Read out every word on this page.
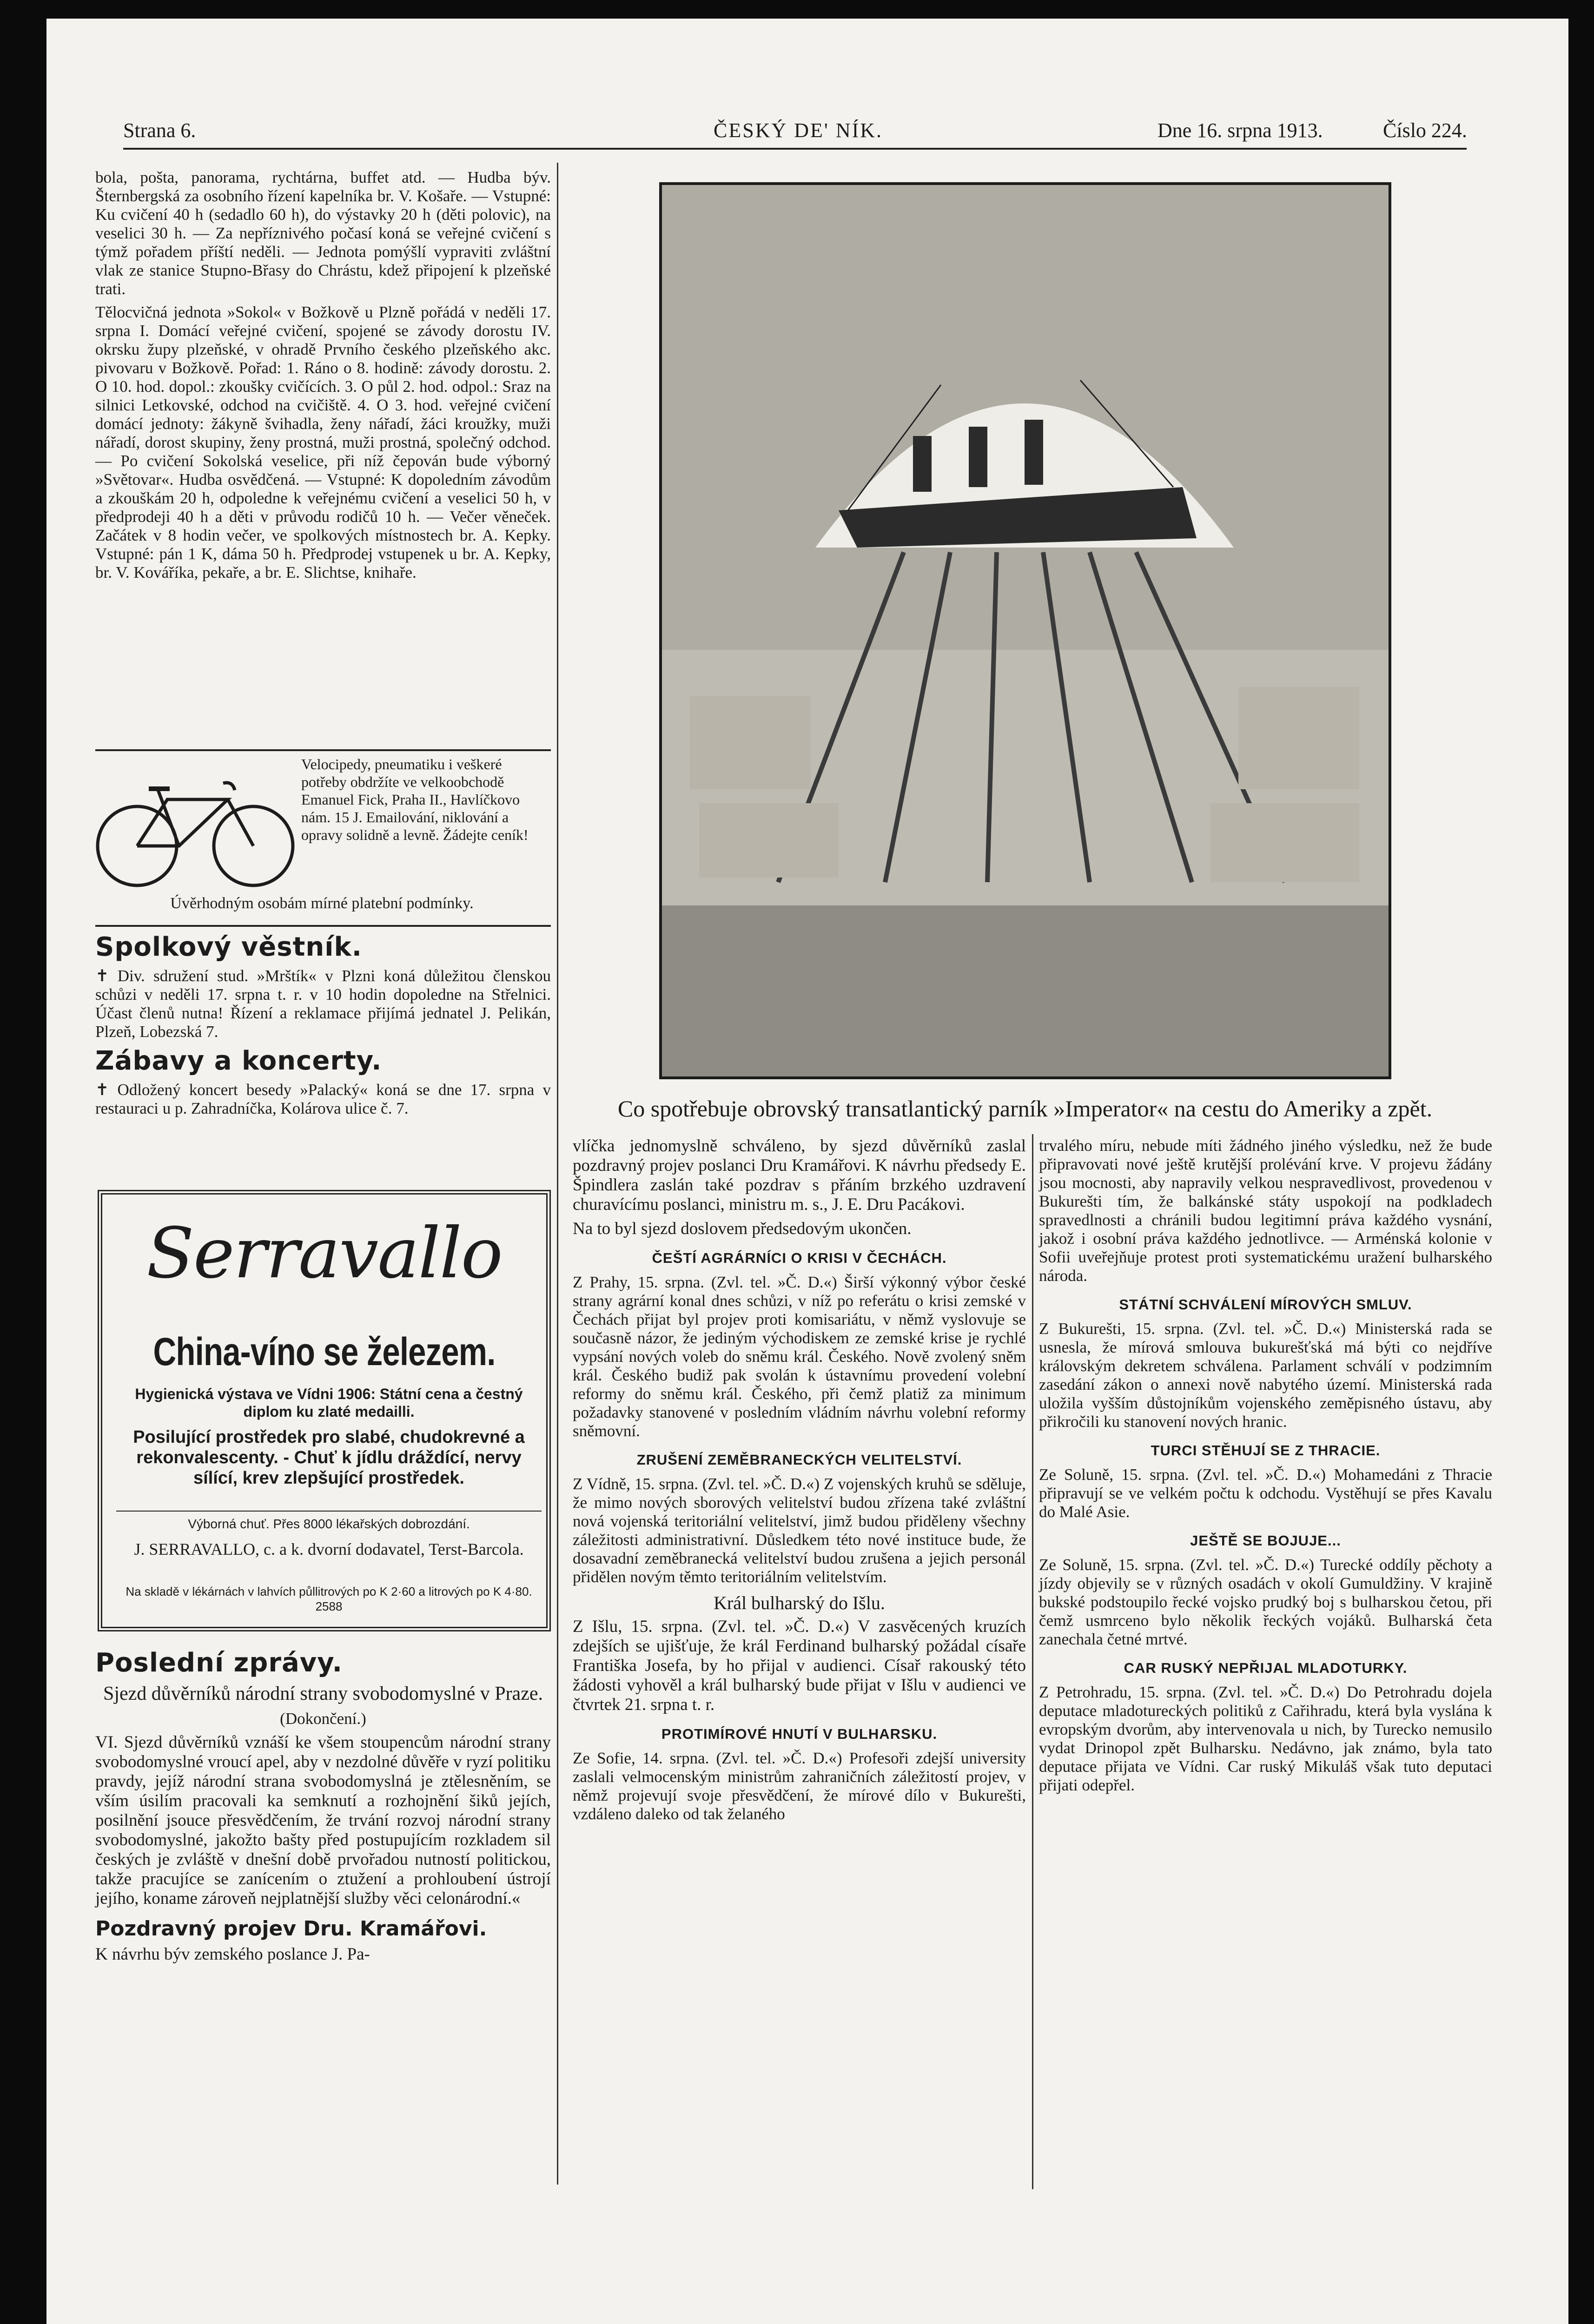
Strana 6.	ČESKÝ DE' NÍK.	Dne 16. srpna 1913.	Číslo 224.

bola, pošta, panorama, rychtárna, buffet atd. — Hudba býv. Šternbergská za osobního řízení kapelníka br. V. Košaře. — Vstupné: Ku cvičení 40 h (sedadlo 60 h), do výstavky 20 h (děti polovic), na veselici 30 h. — Za nepříznivého počasí koná se veřejné cvičení s týmž pořadem příští neděli. — Jednota pomýšlí vypraviti zvláštní vlak ze stanice Stupno-Břasy do Chrástu, kdež připojení k plzeňské trati.

Tělocvičná jednota »Sokol« v Božkově u Plzně pořádá v neděli 17. srpna I. Domácí veřejné cvičení, spojené se závody dorostu IV. okrsku župy plzeňské, v ohradě Prvního českého plzeňského akc. pivovaru v Božkově. Pořad: 1. Ráno o 8. hodině: závody dorostu. 2. O 10. hod. dopol.: zkoušky cvičících. 3. O půl 2. hod. odpol.: Sraz na silnici Letkovské, odchod na cvičiště. 4. O 3. hod. veřejné cvičení domácí jednoty: žákyně švihadla, ženy nářadí, žáci kroužky, muži nářadí, dorost skupiny, ženy prostná, muži prostná, společný odchod. — Po cvičení Sokolská veselice, při níž čepován bude výborný »Světovar«. Hudba osvědčená. — Vstupné: K dopoledním závodům a zkouškám 20 h, odpoledne k veřejnému cvičení a veselici 50 h, v předprodeji 40 h a děti v průvodu rodičů 10 h. — Večer věneček. Začátek v 8 hodin večer, ve spolkových místnostech br. A. Kepky. Vstupné: pán 1 K, dáma 50 h. Předprodej vstupenek u br. A. Kepky, br. V. Kováříka, pekaře, a br. E. Slichtse, knihaře.

Velocipedy, pneumatiku i veškeré potřeby obdržíte ve velkoobchodě Emanuel Fick, Praha II., Havlíčkovo nám. 15 J. Emailování, niklování a opravy solidně a levně. Žádejte ceník!
Úvěrhodným osobám mírné platební podmínky.
Spolkový věstník.

✝ Div. sdružení stud. »Mrštík« v Plzni koná důležitou členskou schůzi v neděli 17. srpna t. r. v 10 hodin dopoledne na Střelnici. Účast členů nutna! Řízení a reklamace přijímá jednatel J. Pelikán, Plzeň, Lobezská 7.

Zábavy a koncerty.

✝ Odložený koncert besedy »Palacký« koná se dne 17. srpna v restauraci u p. Zahradníčka, Kolárova ulice č. 7.

Serravallo
China-víno se železem.
Hygienická výstava ve Vídni 1906: Státní cena a čestný diplom ku zlaté medailli.
Posilující prostředek pro slabé, chudokrevné a rekonvalescenty. - Chuť k jídlu dráždící, nervy sílící, krev zlepšující prostředek.
Výborná chuť. Přes 8000 lékařských dobrozdání.
J. SERRAVALLO, c. a k. dvorní dodavatel, Terst-Barcola.
Na skladě v lékárnách v lahvích půllitrových po K 2·60 a litrových po K 4·80. 2588
Poslední zprávy.

Sjezd důvěrníků národní strany svobodomyslné v Praze.

(Dokončení.)

VI. Sjezd důvěrníků vznáší ke všem stoupencům národní strany svobodomyslné vroucí apel, aby v nezdolné důvěře v ryzí politiku pravdy, jejíž národní strana svobodomyslná je ztělesněním, se vším úsilím pracovali ka semknutí a rozhojnění šiků jejích, posilnění jsouce přesvědčením, že trvání rozvoj národní strany svobodomyslné, jakožto bašty před postupujícím rozkladem sil českých je zvláště v dnešní době prvořadou nutností politickou, takže pracujíce se zanícením o ztužení a prohloubení ústrojí jejího, koname zároveň nejplatnější služby věci celonárodní.«

Pozdravný projev Dru. Kramářovi.

K návrhu býv zemského poslance J. Pa-

Co spotřebuje obrovský transatlantický parník »Imperator« na cestu do Ameriky a zpět.

vlíčka jednomyslně schváleno, by sjezd důvěrníků zaslal pozdravný projev poslanci Dru Kramářovi. K návrhu předsedy E. Špindlera zaslán také pozdrav s přáním brzkého uzdravení churavícímu poslanci, ministru m. s., J. E. Dru Pacákovi.

Na to byl sjezd doslovem předsedovým ukončen.

ČEŠTÍ AGRÁRNÍCI O KRISI V ČECHÁCH.

Z Prahy, 15. srpna. (Zvl. tel. »Č. D.«) Širší výkonný výbor české strany agrární konal dnes schůzi, v níž po referátu o krisi zemské v Čechách přijat byl projev proti komisariátu, v němž vyslovuje se současně názor, že jediným východiskem ze zemské krise je rychlé vypsání nových voleb do sněmu král. Českého. Nově zvolený sněm král. Českého budiž pak svolán k ústavnímu provedení volební reformy do sněmu král. Českého, při čemž platiž za minimum požadavky stanovené v posledním vládním návrhu volební reformy sněmovní.

ZRUŠENÍ ZEMĚBRANECKÝCH VELITELSTVÍ.

Z Vídně, 15. srpna. (Zvl. tel. »Č. D.«) Z vojenských kruhů se sděluje, že mimo nových sborových velitelství budou zřízena také zvláštní nová vojenská teritoriální velitelství, jimž budou přiděleny všechny záležitosti administrativní. Důsledkem této nové instituce bude, že dosavadní zeměbranecká velitelství budou zrušena a jejich personál přidělen novým těmto teritoriálním velitelstvím.

Král bulharský do Išlu.

Z Išlu, 15. srpna. (Zvl. tel. »Č. D.«) V zasvěcených kruzích zdejších se ujišťuje, že král Ferdinand bulharský požádal císaře Františka Josefa, by ho přijal v audienci. Císař rakouský této žádosti vyhověl a král bulharský bude přijat v Išlu v audienci ve čtvrtek 21. srpna t. r.

PROTIMÍROVÉ HNUTÍ V BULHARSKU.

Ze Sofie, 14. srpna. (Zvl. tel. »Č. D.«) Profesoři zdejší university zaslali velmocenským ministrům zahraničních záležitostí projev, v němž projevují svoje přesvědčení, že mírové dílo v Bukurešti, vzdáleno daleko od tak želaného

trvalého míru, nebude míti žádného jiného výsledku, než že bude připravovati nové ještě krutější prolévání krve. V projevu žádány jsou mocnosti, aby napravily velkou nespravedlivost, provedenou v Bukurešti tím, že balkánské státy uspokojí na podkladech spravedlnosti a chránili budou legitimní práva každého vysnání, jakož i osobní práva každého jednotlivce. — Arménská kolonie v Sofii uveřejňuje protest proti systematickému uražení bulharského národa.

STÁTNÍ SCHVÁLENÍ MÍROVÝCH SMLUV.

Z Bukurešti, 15. srpna. (Zvl. tel. »Č. D.«) Ministerská rada se usnesla, že mírová smlouva bukurešťská má býti co nejdříve královským dekretem schválena. Parlament schválí v podzimním zasedání zákon o annexi nově nabytého území. Ministerská rada uložila vyšším důstojníkům vojenského zeměpisného ústavu, aby přikročili ku stanovení nových hranic.

TURCI STĚHUJÍ SE Z THRACIE.

Ze Soluně, 15. srpna. (Zvl. tel. »Č. D.«) Mohamedáni z Thracie připravují se ve velkém počtu k odchodu. Vystěhují se přes Kavalu do Malé Asie.

JEŠTĚ SE BOJUJE...

Ze Soluně, 15. srpna. (Zvl. tel. »Č. D.«) Turecké oddíly pěchoty a jízdy objevily se v různých osadách v okolí Gumuldžiny. V krajině bukské podstoupilo řecké vojsko prudký boj s bulharskou četou, při čemž usmrceno bylo několik řeckých vojáků. Bulharská četa zanechala četné mrtvé.

CAR RUSKÝ NEPŘIJAL MLADOTURKY.

Z Petrohradu, 15. srpna. (Zvl. tel. »Č. D.«) Do Petrohradu dojela deputace mladotureckých politiků z Cařihradu, která byla vyslána k evropským dvorům, aby intervenovala u nich, by Turecko nemusilo vydat Drinopol zpět Bulharsku. Nedávno, jak známo, byla tato deputace přijata ve Vídni. Car ruský Mikuláš však tuto deputaci přijati odepřel.
